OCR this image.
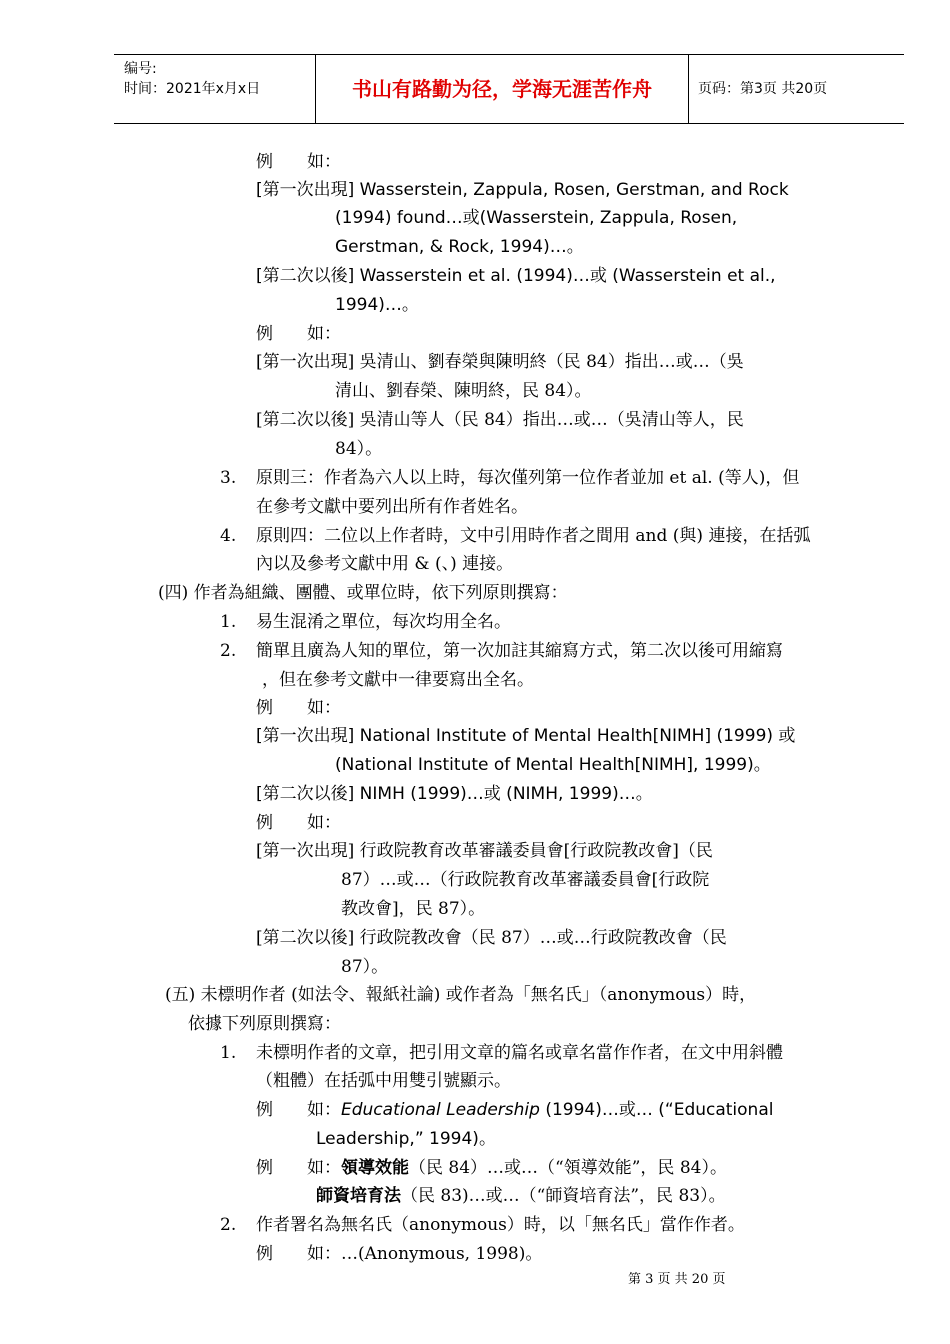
编号:
时间：2021年x月x日	书山有路勤为径，学海无涯苦作舟	页码：第3页 共20页
例　　如：
[第一次出現] Wasserstein, Zappula, Rosen, Gerstman, and Rock
(1994) found…或(Wasserstein, Zappula, Rosen,
Gerstman, & Rock, 1994)…。
[第二次以後] Wasserstein et al. (1994)…或 (Wasserstein et al.,
1994)…。
例　　如：
[第一次出現] 吳清山、劉春榮與陳明終（民 84）指出…或…（吳
清山、劉春榮、陳明終，民 84）。
[第二次以後] 吳清山等人（民 84）指出…或…（吳清山等人，民
84）。
3. 原則三：作者為六人以上時，每次僅列第一位作者並加 et al. (等人)，但
在參考文獻中要列出所有作者姓名。
4. 原則四：二位以上作者時，文中引用時作者之間用 and (與) 連接，在括弧
內以及參考文獻中用 & (、) 連接。
(四) 作者為組織、團體、或單位時，依下列原則撰寫：
1. 易生混淆之單位，每次均用全名。
2. 簡單且廣為人知的單位，第一次加註其縮寫方式，第二次以後可用縮寫
，但在參考文獻中一律要寫出全名。
例　　如：
[第一次出現] National Institute of Mental Health[NIMH] (1999) 或
(National Institute of Mental Health[NIMH], 1999)。
[第二次以後] NIMH (1999)…或 (NIMH, 1999)…。
例　　如：
[第一次出現] 行政院教育改革審議委員會[行政院教改會]（民
87）…或…（行政院教育改革審議委員會[行政院
教改會]，民 87）。
[第二次以後] 行政院教改會（民 87）…或…行政院教改會（民
87）。
(五) 未標明作者 (如法令、報紙社論) 或作者為「無名氏」（anonymous）時，
依據下列原則撰寫：
1. 未標明作者的文章，把引用文章的篇名或章名當作作者，在文中用斜體
（粗體）在括弧中用雙引號顯示。
例　　如：Educational Leadership (1994)…或… (“Educational
Leadership,” 1994)。
例　　如：領導效能（民 84）…或…（“領導效能”，民 84）。
師資培育法（民 83)…或…（“師資培育法”，民 83）。
2. 作者署名為無名氏（anonymous）時，以「無名氏」當作作者。
例　　如：…(Anonymous, 1998)。
第 3 页 共 20 页
